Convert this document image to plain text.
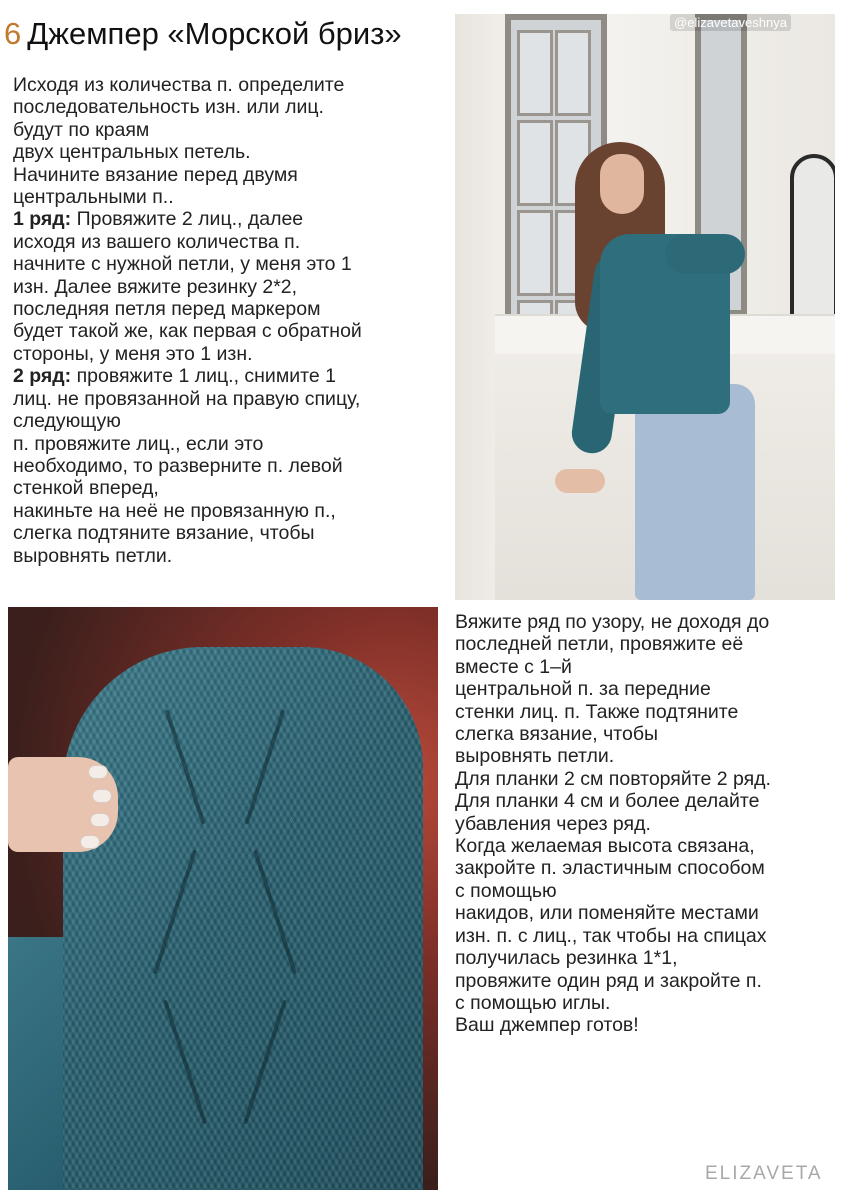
6 Джемпер «Морской бриз»

Исходя из количества п. определите

последовательность изн. или лиц.

будут по краям

двух центральных петель.

Начините вязание перед двумя

центральными п..

1 ряд: Провяжите 2 лиц., далее

исходя из вашего количества п.

начните с нужной петли, у меня это 1

изн. Далее вяжите резинку 2*2,

последняя петля перед маркером

будет такой же, как первая с обратной

стороны, у меня это 1 изн.

2 ряд: провяжите 1 лиц., снимите 1

лиц. не провязанной на правую спицу,

следующую

п. провяжите лиц., если это

необходимо, то разверните п. левой

стенкой вперед,

накиньте на неё не провязанную п.,

слегка подтяните вязание, чтобы

выровнять петли.

@elizavetaveshnya

Вяжите ряд по узору, не доходя до

последней петли, провяжите её

вместе с 1–й

центральной п. за передние

стенки лиц. п. Также подтяните

слегка вязание, чтобы

выровнять петли.

Для планки 2 см повторяйте 2 ряд.

Для планки 4 см и более делайте

убавления через ряд.

Когда желаемая высота связана,

закройте п. эластичным способом

с помощью

накидов, или поменяйте местами

изн. п. с лиц., так чтобы на спицах

получилась резинка 1*1,

провяжите один ряд и закройте п.

с помощью иглы.

Ваш джемпер готов!

ELIZAVETA
